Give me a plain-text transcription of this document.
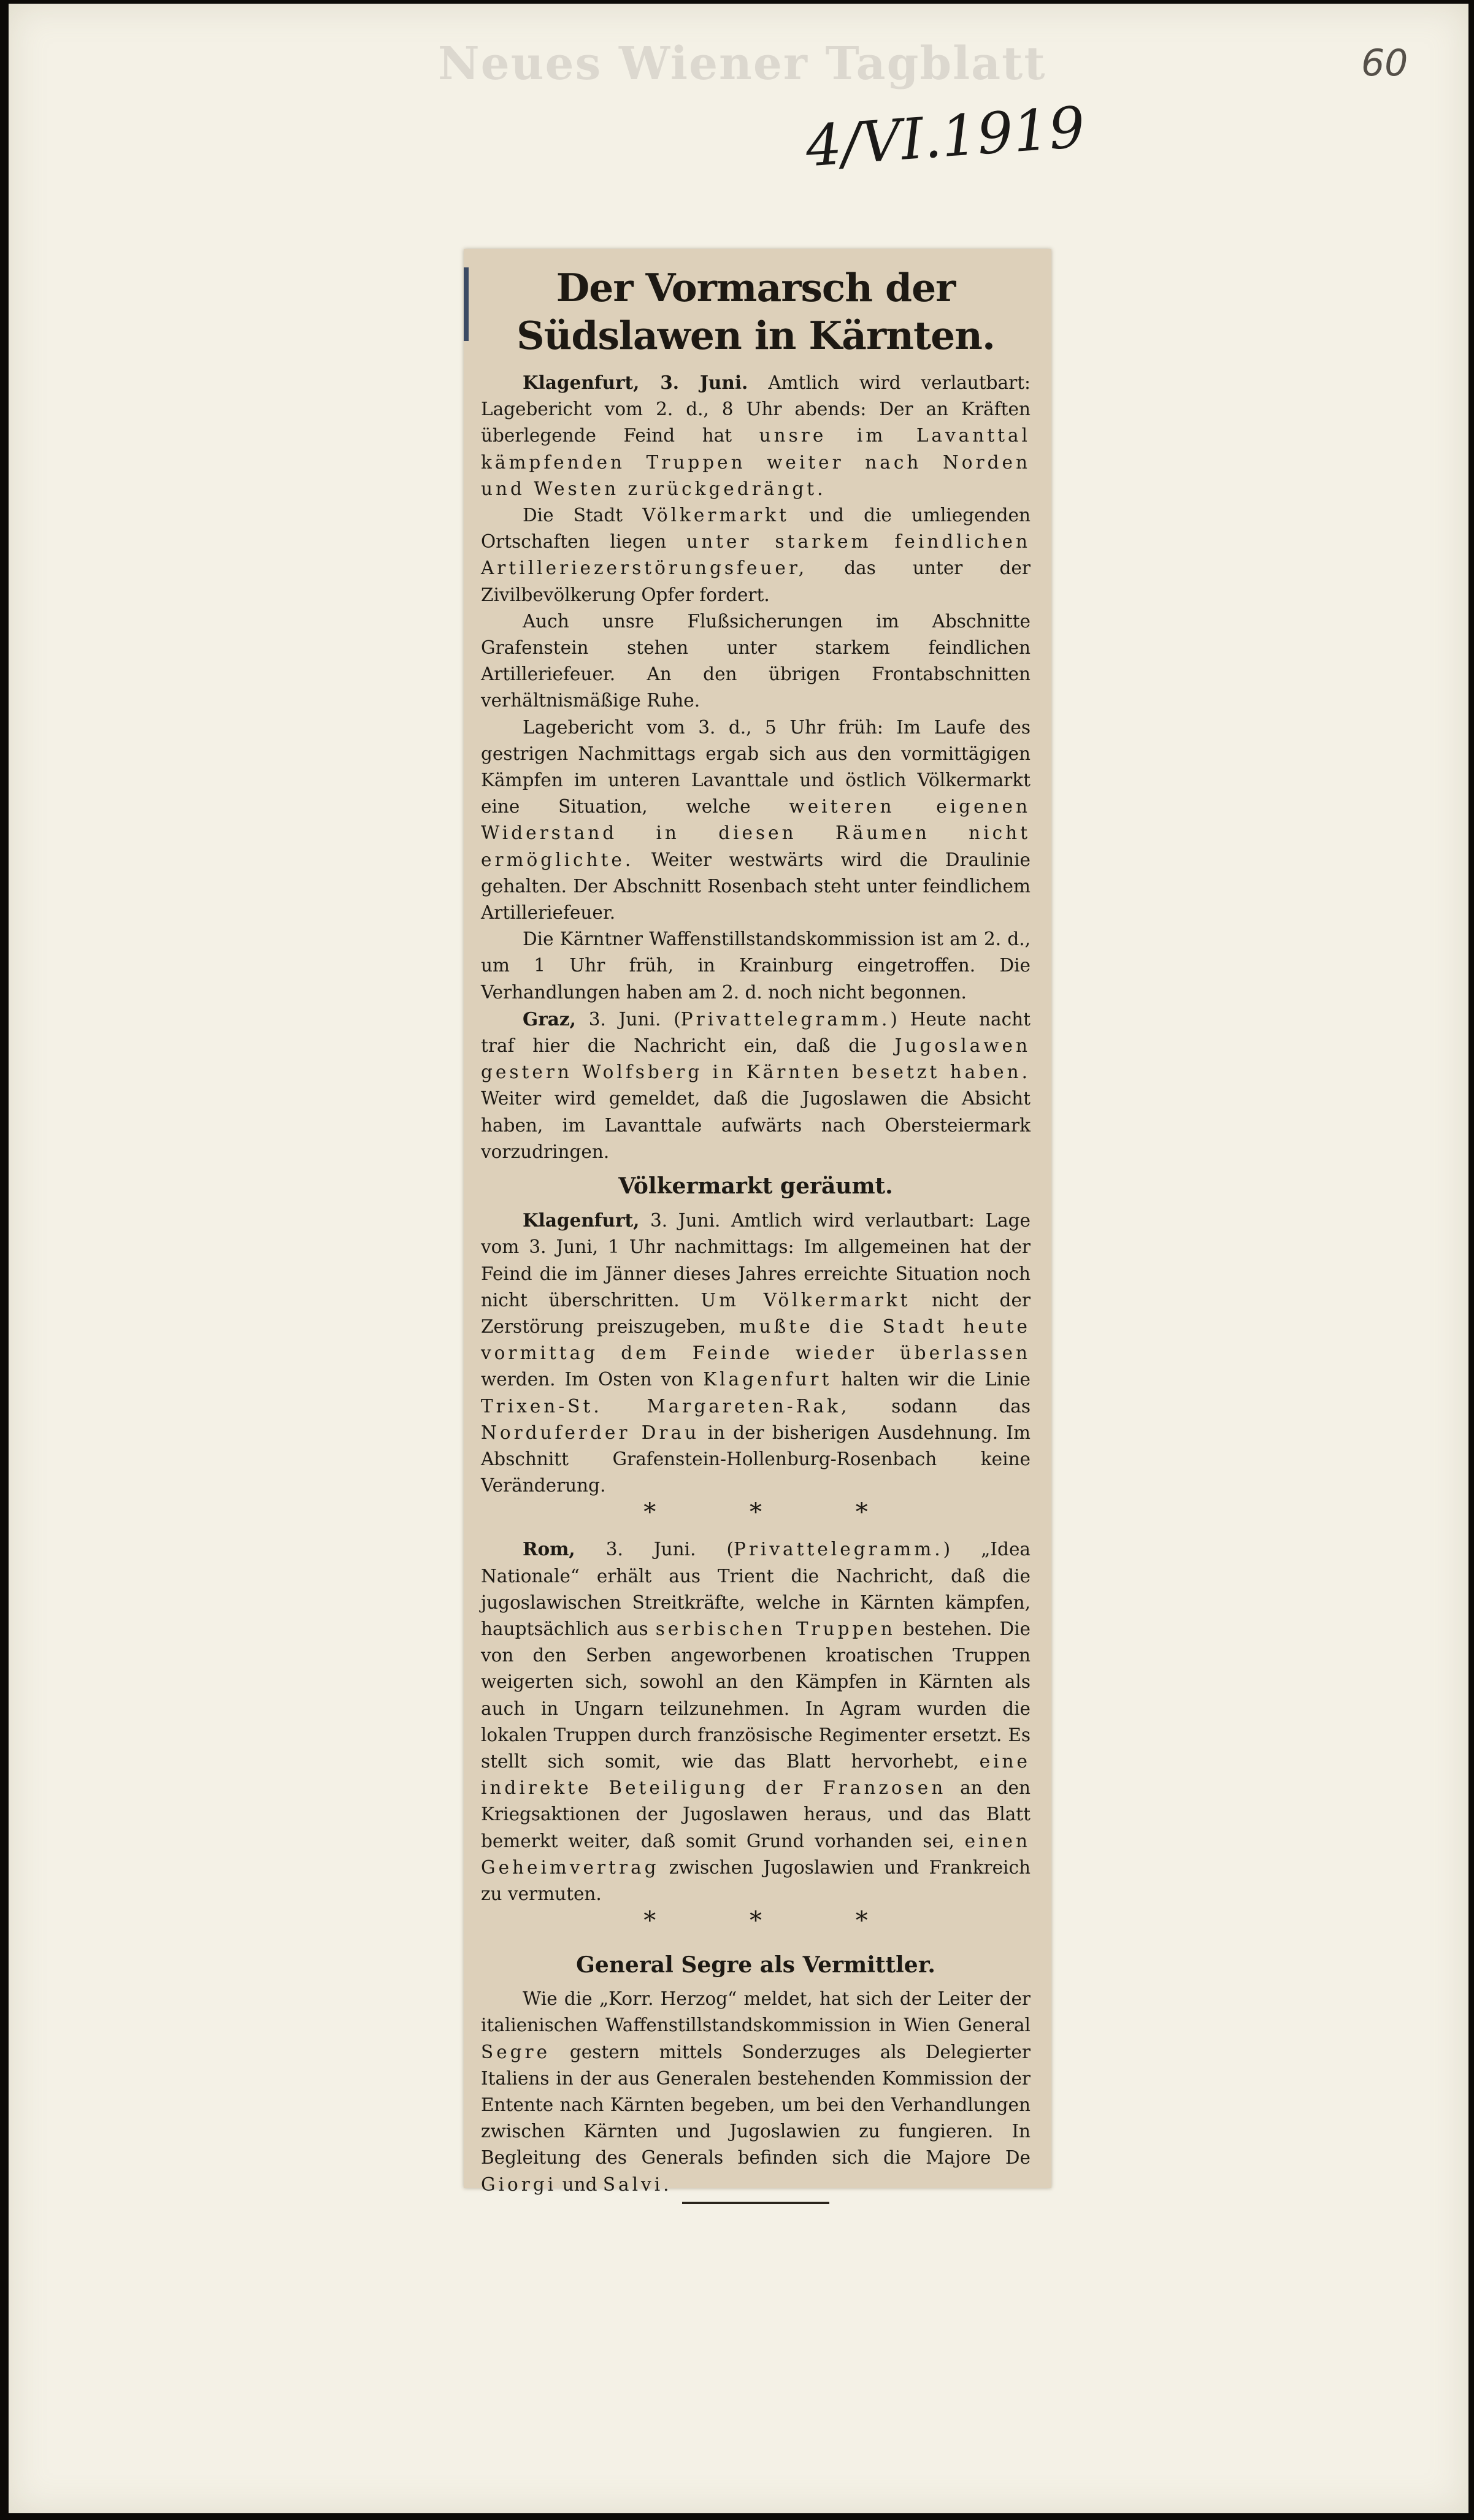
Neues Wiener Tagblatt	60
4/VI.1919
Der Vormarsch der Südslawen in Kärnten.

Klagenfurt, 3. Juni. Amtlich wird verlautbart: Lagebericht vom 2. d., 8 Uhr abends: Der an Kräften überlegende Feind hat unsre im Lavanttal kämpfenden Truppen weiter nach Norden und Westen zurückgedrängt.

Die Stadt Völkermarkt und die umliegenden Ortschaften liegen unter starkem feindlichen Artilleriezerstörungsfeuer, das unter der Zivilbevölkerung Opfer fordert.

Auch unsre Flußsicherungen im Abschnitte Grafenstein stehen unter starkem feindlichen Artilleriefeuer. An den übrigen Frontabschnitten verhältnismäßige Ruhe.

Lagebericht vom 3. d., 5 Uhr früh: Im Laufe des gestrigen Nachmittags ergab sich aus den vormittägigen Kämpfen im unteren Lavanttale und östlich Völkermarkt eine Situation, welche weiteren eigenen Widerstand in diesen Räumen nicht ermöglichte. Weiter westwärts wird die Draulinie gehalten. Der Abschnitt Rosenbach steht unter feindlichem Artilleriefeuer.

Die Kärntner Waffenstillstandskommission ist am 2. d., um 1 Uhr früh, in Krainburg eingetroffen. Die Verhandlungen haben am 2. d. noch nicht begonnen.

Graz, 3. Juni. (Privattelegramm.) Heute nacht traf hier die Nachricht ein, daß die Jugoslawen gestern Wolfsberg in Kärnten besetzt haben. Weiter wird gemeldet, daß die Jugoslawen die Absicht haben, im Lavanttale aufwärts nach Obersteiermark vorzudringen.

Völkermarkt geräumt.

Klagenfurt, 3. Juni. Amtlich wird verlautbart: Lage vom 3. Juni, 1 Uhr nachmittags: Im allgemeinen hat der Feind die im Jänner dieses Jahres erreichte Situation noch nicht überschritten. Um Völkermarkt nicht der Zerstörung preiszugeben, mußte die Stadt heute vormittag dem Feinde wieder überlassen werden. Im Osten von Klagenfurt halten wir die Linie Trixen-St. Margareten-Rak, sodann das Norduferder Drau in der bisherigen Ausdehnung. Im Abschnitt Grafenstein-Hollenburg-Rosenbach keine Veränderung.

* * *

Rom, 3. Juni. (Privattelegramm.) „Idea Nationale“ erhält aus Trient die Nachricht, daß die jugoslawischen Streitkräfte, welche in Kärnten kämpfen, hauptsächlich aus serbischen Truppen bestehen. Die von den Serben angeworbenen kroatischen Truppen weigerten sich, sowohl an den Kämpfen in Kärnten als auch in Ungarn teilzunehmen. In Agram wurden die lokalen Truppen durch französische Regimenter ersetzt. Es stellt sich somit, wie das Blatt hervorhebt, eine indirekte Beteiligung der Franzosen an den Kriegsaktionen der Jugoslawen heraus, und das Blatt bemerkt weiter, daß somit Grund vorhanden sei, einen Geheimvertrag zwischen Jugoslawien und Frankreich zu vermuten.

* * *
General Segre als Vermittler.

Wie die „Korr. Herzog“ meldet, hat sich der Leiter der italienischen Waffenstillstandskommission in Wien General Segre gestern mittels Sonderzuges als Delegierter Italiens in der aus Generalen bestehenden Kommission der Entente nach Kärnten begeben, um bei den Verhandlungen zwischen Kärnten und Jugoslawien zu fungieren. In Begleitung des Generals befinden sich die Majore De Giorgi und Salvi.
